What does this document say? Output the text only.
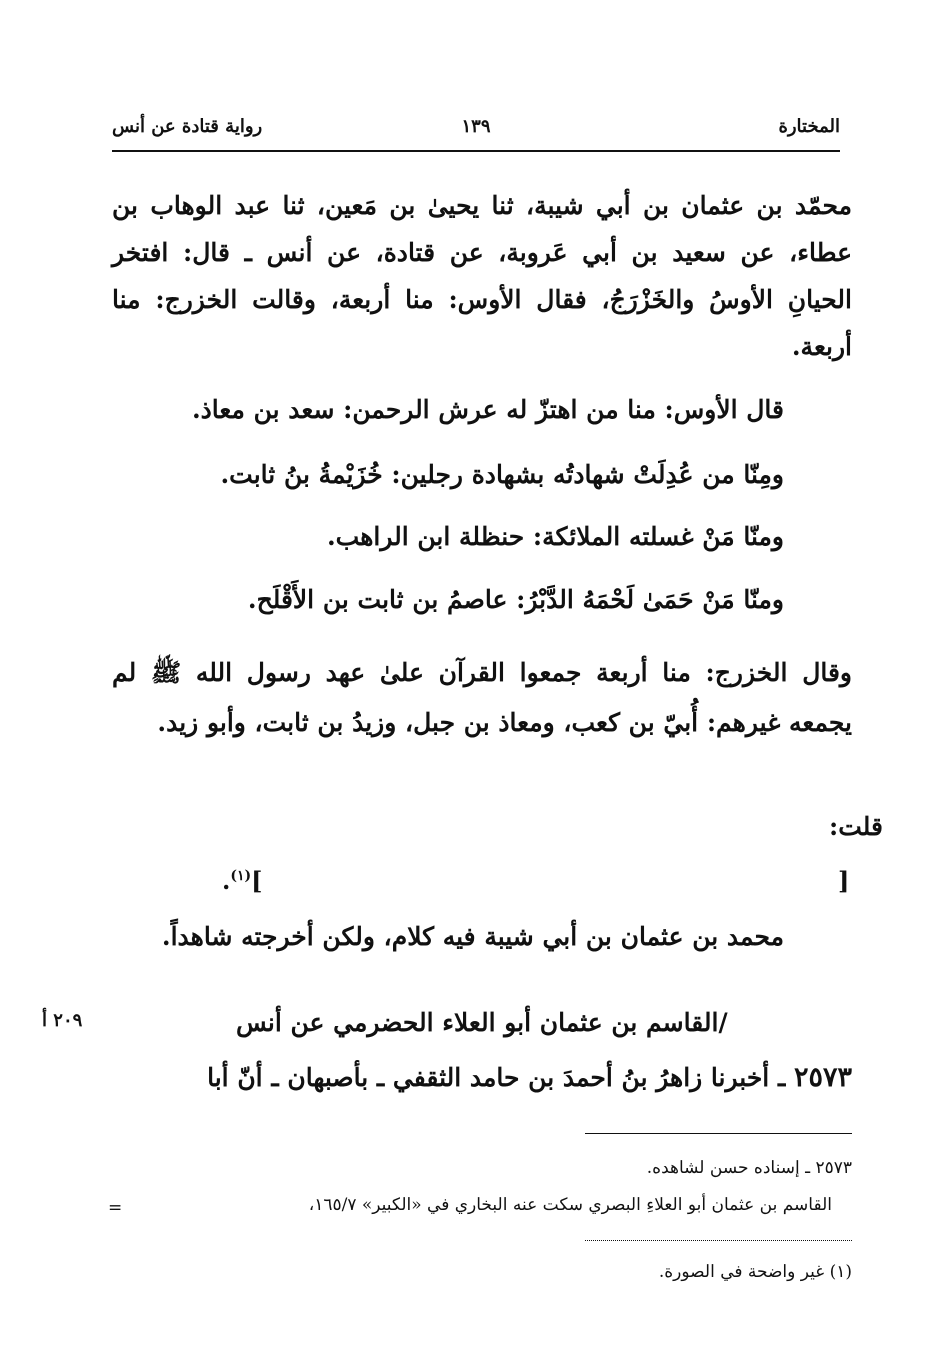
المختارة
١٣٩
رواية قتادة عن أنس
محمّد بن عثمان بن أبي شيبة، ثنا يحيىٰ بن مَعين، ثنا عبد الوهاب بن عطاء، عن سعيد بن أبي عَروبة، عن قتادة، عن أنس ـ قال: افتخر الحيانِ الأوسُ والخَزْرَجُ، فقال الأوس: منا أربعة، وقالت الخزرج: منا أربعة.
قال الأوس: منا من اهتزّ له عرش الرحمن: سعد بن معاذ.
ومِنّا من عُدِلَتْ شهادتُه بشهادة رجلين: خُزَيْمةُ بنُ ثابت.
ومنّا مَنْ غسلته الملائكة: حنظلة ابن الراهب.
ومنّا مَنْ حَمَىٰ لَحْمَهُ الدَّبْرُ: عاصمُ بن ثابت بن الأَقْلَح.
وقال الخزرج: منا أربعة جمعوا القرآن علىٰ عهد رسول الله ﷺ لم يجمعه غيرهم: أُبيّ بن كعب، ومعاذ بن جبل، وزيدُ بن ثابت، وأبو زيد.
قلت:
]
.$^{(١)}$[
محمد بن عثمان بن أبي شيبة فيه كلام، ولكن أخرجته شاهداً.
/القاسم بن عثمان أبو العلاء الحضرمي عن أنس
٢٠٩ أ
٢٥٧٣ ـ أخبرنا زاهرُ بنُ أحمدَ بن حامد الثقفي ـ بأصبهان ـ أنّ أبا
٢٥٧٣ ـ إسناده حسن لشاهده.
القاسم بن عثمان أبو العلاءِ البصري سكت عنه البخاري في «الكبير» ١٦٥/٧،
=
(١) غير واضحة في الصورة.
